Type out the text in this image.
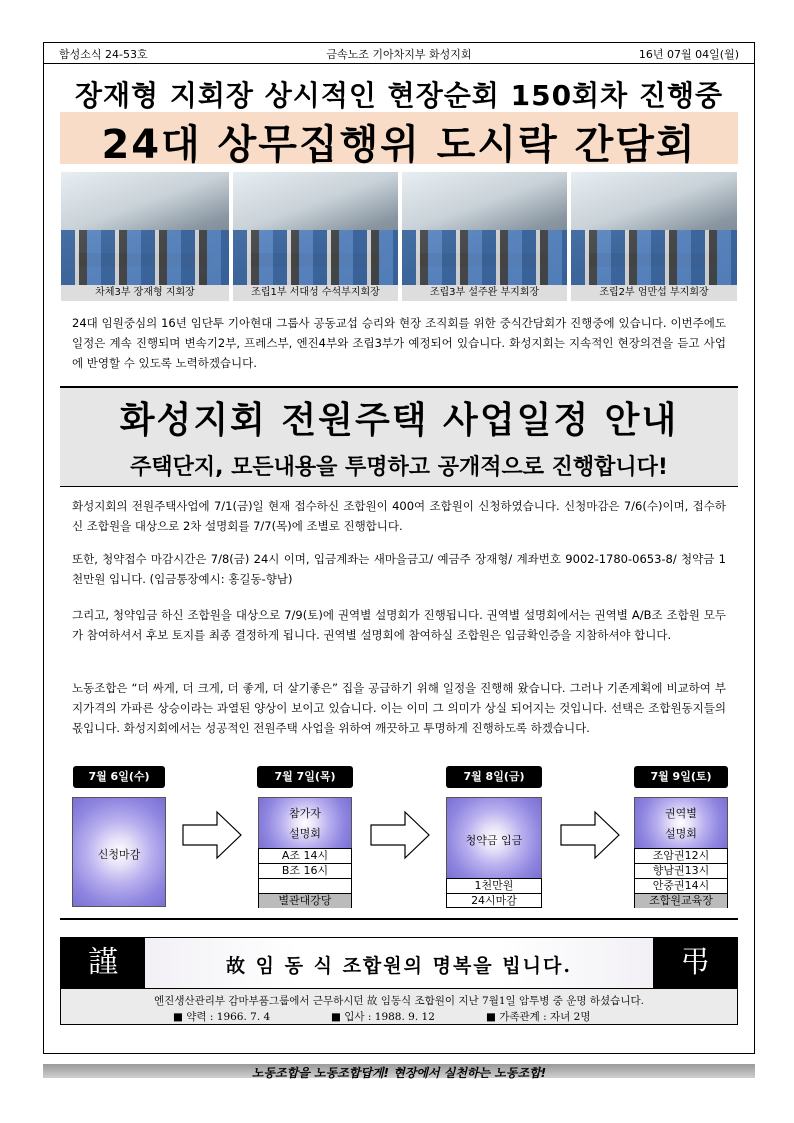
함성소식 24-53호	금속노조 기아차지부 화성지회	16년 07월 04일(월)
장재형 지회장 상시적인 현장순회 150회차 진행중
24대 상무집행위 도시락 간담회
차체3부 장재형 지회장	조립1부 서대성 수석부지회장	조립3부 설주완 부지회장	조립2부 엄만섭 부지회장
24대 임원중심의 16년 임단투 기아현대 그룹사 공동교섭 승리와 현장 조직회를 위한 중식간담회가 진행중에 있습니다. 이번주에도 일정은 계속 진행되며 변속기2부, 프레스부, 엔진4부와 조립3부가 예정되어 있습니다. 화성지회는 지속적인 현장의견을 듣고 사업에 반영할 수 있도록 노력하겠습니다.
화성지회 전원주택 사업일정 안내
주택단지, 모든내용을 투명하고 공개적으로 진행합니다!
화성지회의 전원주택사업에 7/1(금)일 현재 접수하신 조합원이 400여 조합원이 신청하였습니다. 신청마감은 7/6(수)이며, 접수하신 조합원을 대상으로 2차 설명회를 7/7(목)에 조별로 진행합니다.
또한, 청약접수 마감시간은 7/8(금) 24시 이며, 입금계좌는 새마을금고/ 예금주 장재형/ 계좌번호 9002-1780-0653-8/ 청약금 1천만원 입니다. (입금통장예시: 홍길동-향남)
그리고, 청약입금 하신 조합원을 대상으로 7/9(토)에 권역별 설명회가 진행됩니다. 권역별 설명회에서는 권역별 A/B조 조합원 모두가 참여하셔서 후보 토지를 최종 결정하게 됩니다. 권역별 설명회에 참여하실 조합원은 입금확인증을 지참하셔야 합니다.
노동조합은 “더 싸게, 더 크게, 더 좋게, 더 살기좋은” 집을 공급하기 위해 일정을 진행해 왔습니다. 그러나 기존계획에 비교하여 부지가격의 가파른 상승이라는 과열된 양상이 보이고 있습니다. 이는 이미 그 의미가 상실 되어지는 것입니다. 선택은 조합원동지들의 몫입니다. 화성지회에서는 성공적인 전원주택 사업을 위하여 깨끗하고 투명하게 진행하도록 하겠습니다.
7월 6일(수)	7월 7일(목)	7월 8일(금)	7월 9일(토)
신청마감
참가자
설명회
A조 14시
B조 16시
별관대강당
청약금 입금
1천만원
24시마감
권역별
설명회
조암권12시
향남권13시
안중권14시
조합원교육장
謹	故 임 동 식 조합원의 명복을 빕니다.	弔
엔진생산관리부 감마부품그룹에서 근무하시던 故 임동식 조합원이 지난 7월1일 암투병 중 운명 하셨습니다.
■ 약력 : 1966. 7. 4	■ 입사 : 1988. 9. 12	■ 가족관계 : 자녀 2명
노동조합을 노동조합답게! 현장에서 실천하는 노동조합!
